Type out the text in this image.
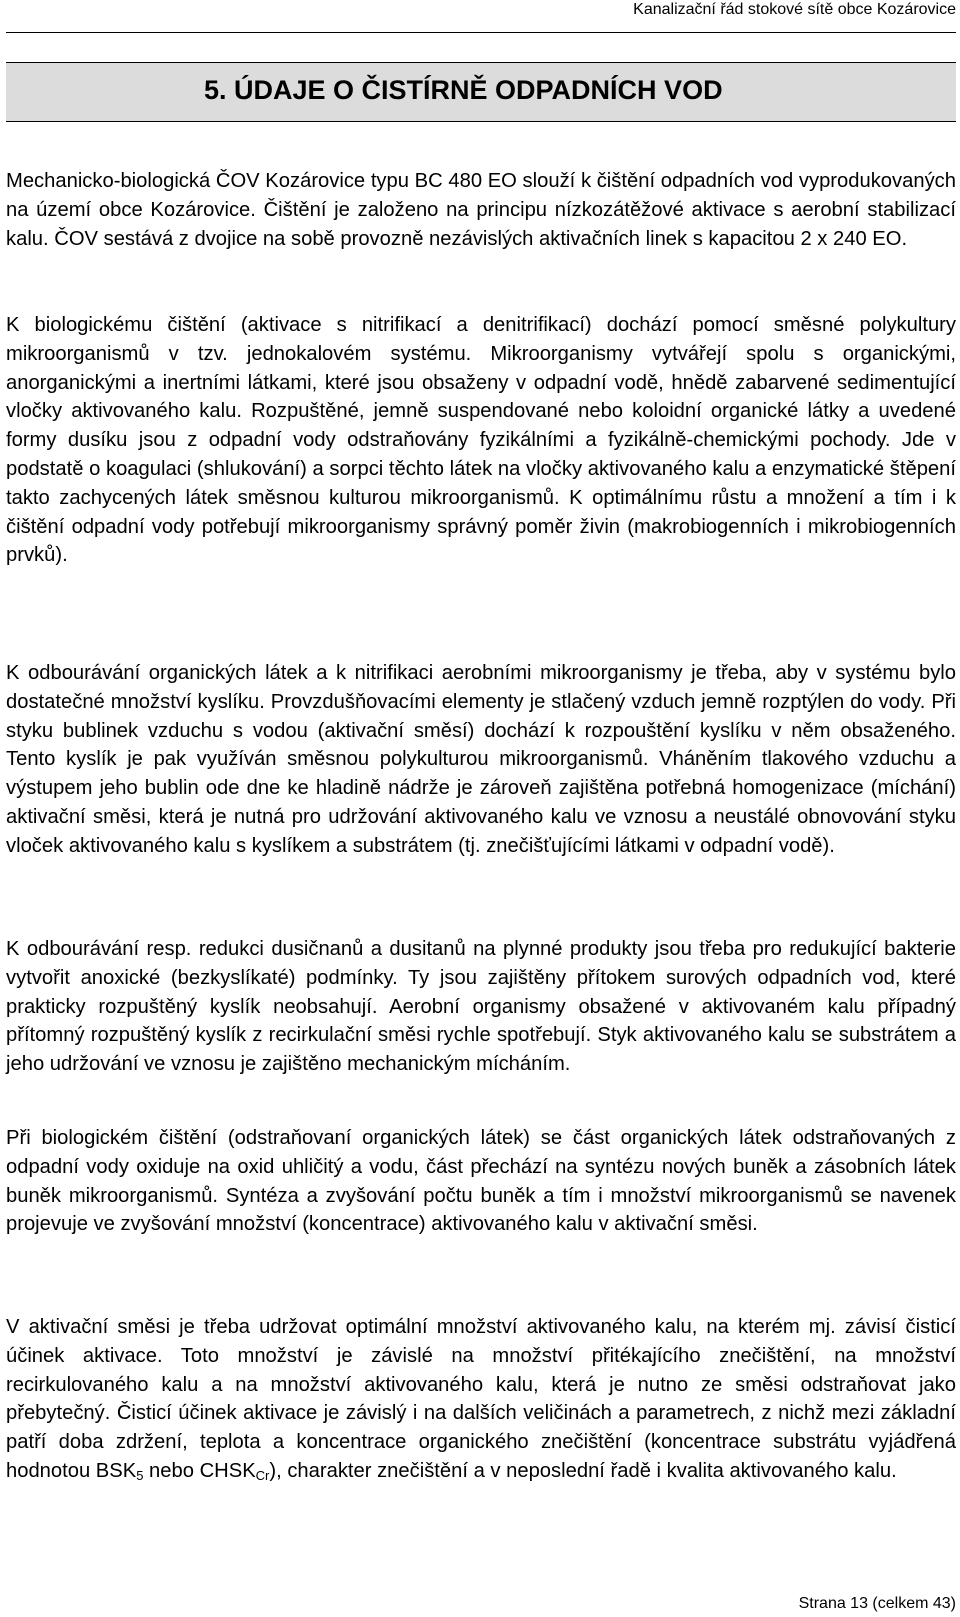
Kanalizační řád stokové sítě obce Kozárovice
5. ÚDAJE O ČISTÍRNĚ ODPADNÍCH VOD

Mechanicko-biologická ČOV Kozárovice typu BC 480 EO slouží k čištění odpadních vod vyprodukovaných na území obce Kozárovice. Čištění je založeno na principu nízkozátěžové aktivace s aerobní stabilizací kalu. ČOV sestává z dvojice na sobě provozně nezávislých aktivačních linek s kapacitou 2 x 240 EO.

K biologickému čištění (aktivace s nitrifikací a denitrifikací) dochází pomocí směsné polykultury mikroorganismů v tzv. jednokalovém systému. Mikroorganismy vytvářejí spolu s organickými, anorganickými a inertními látkami, které jsou obsaženy v odpadní vodě, hnědě zabarvené sedimentující vločky aktivovaného kalu. Rozpuštěné, jemně suspendované nebo koloidní organické látky a uvedené formy dusíku jsou z odpadní vody odstraňovány fyzikálními a fyzikálně-chemickými pochody. Jde v podstatě o koagulaci (shlukování) a sorpci těchto látek na vločky aktivovaného kalu a enzymatické štěpení takto zachycených látek směsnou kulturou mikroorganismů. K optimálnímu růstu a množení a tím i k čištění odpadní vody potřebují mikroorganismy správný poměr živin (makrobiogenních i mikrobiogenních prvků).

K odbourávání organických látek a k nitrifikaci aerobními mikroorganismy je třeba, aby v systému bylo dostatečné množství kyslíku. Provzdušňovacími elementy je stlačený vzduch jemně rozptýlen do vody. Při styku bublinek vzduchu s vodou (aktivační směsí) dochází k rozpouštění kyslíku v něm obsaženého. Tento kyslík je pak využíván směsnou polykulturou mikroorganismů. Vháněním tlakového vzduchu a výstupem jeho bublin ode dne ke hladině nádrže je zároveň zajištěna potřebná homogenizace (míchání) aktivační směsi, která je nutná pro udržování aktivovaného kalu ve vznosu a neustálé obnovování styku vloček aktivovaného kalu s kyslíkem a substrátem (tj. znečišťujícími látkami v odpadní vodě).

K odbourávání resp. redukci dusičnanů a dusitanů na plynné produkty jsou třeba pro redukující bakterie vytvořit anoxické (bezkyslíkaté) podmínky. Ty jsou zajištěny přítokem surových odpadních vod, které prakticky rozpuštěný kyslík neobsahují. Aerobní organismy obsažené v aktivovaném kalu případný přítomný rozpuštěný kyslík z recirkulační směsi rychle spotřebují. Styk aktivovaného kalu se substrátem a jeho udržování ve vznosu je zajištěno mechanickým mícháním.

Při biologickém čištění (odstraňovaní organických látek) se část organických látek odstraňovaných z odpadní vody oxiduje na oxid uhličitý a vodu, část přechází na syntézu nových buněk a zásobních látek buněk mikroorganismů. Syntéza a zvyšování počtu buněk a tím i množství mikroorganismů se navenek projevuje ve zvyšování množství (koncentrace) aktivovaného kalu v aktivační směsi.

V aktivační směsi je třeba udržovat optimální množství aktivovaného kalu, na kterém mj. závisí čisticí účinek aktivace. Toto množství je závislé na množství přitékajícího znečištění, na množství recirkulovaného kalu a na množství aktivovaného kalu, která je nutno ze směsi odstraňovat jako přebytečný. Čisticí účinek aktivace je závislý i na dalších veličinách a parametrech, z nichž mezi základní patří doba zdržení, teplota a koncentrace organického znečištění (koncentrace substrátu vyjádřená hodnotou $BSK_5$ nebo $CHSK_{Cr}$), charakter znečištění a v neposlední řadě i kvalita aktivovaného kalu.

Strana 13 (celkem 43)
